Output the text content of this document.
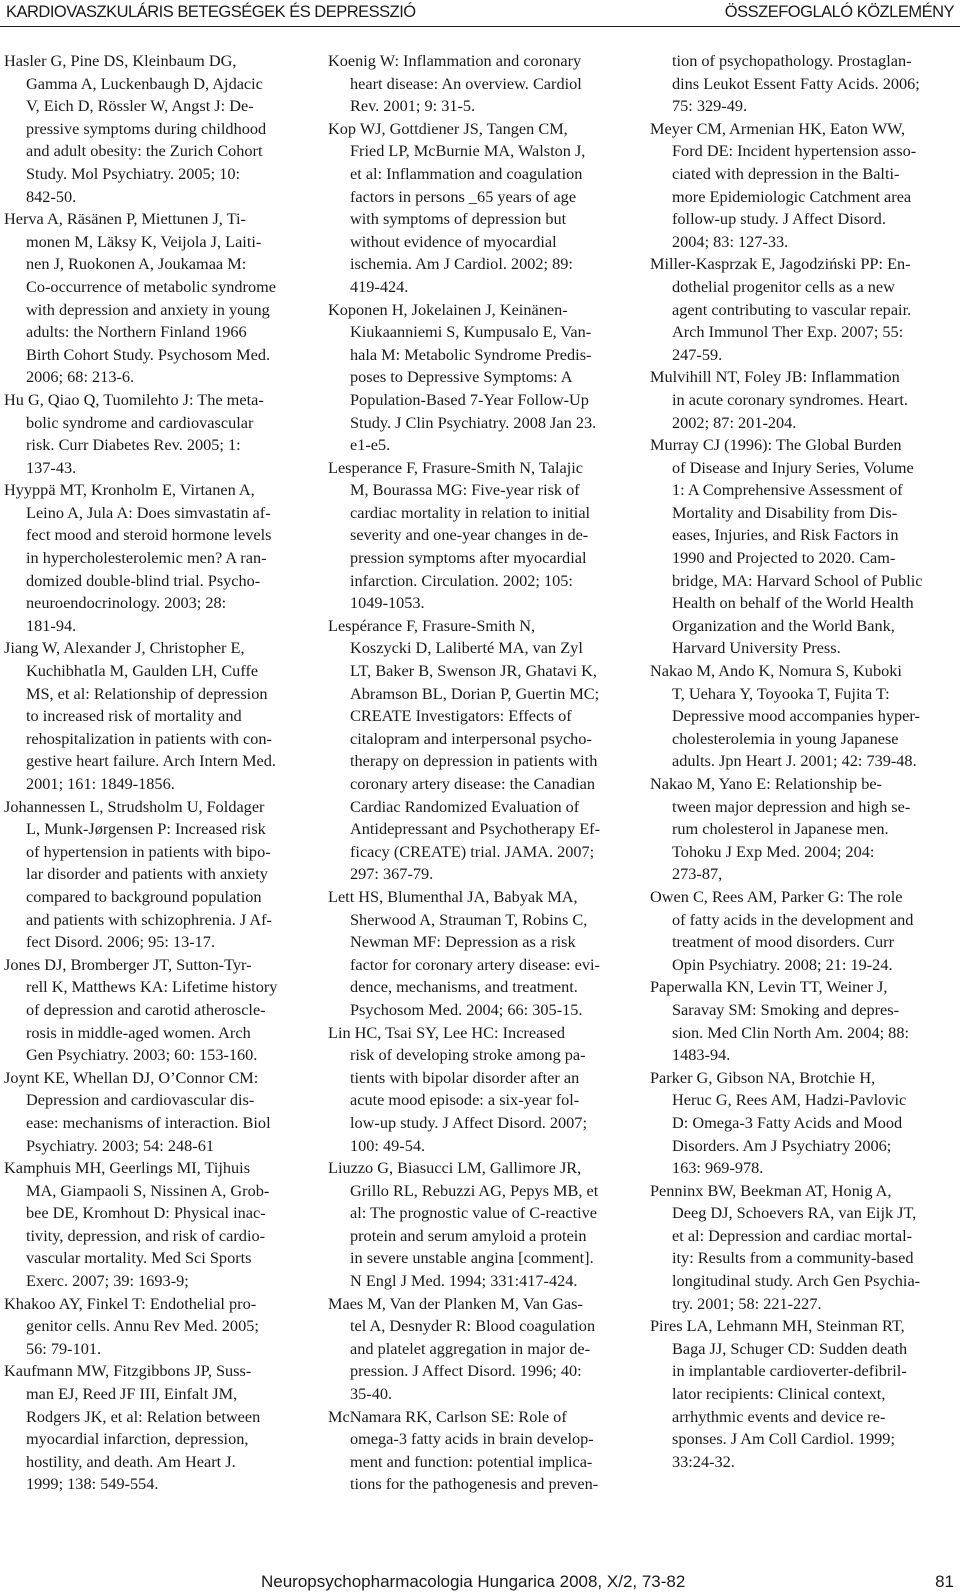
KARDIOVASZKULÁRIS BETEGSÉGEK ÉS DEPRESSZIÓ	ÖSSZEFOGLALÓ KÖZLEMÉNY
Hasler G, Pine DS, Kleinbaum DG,
Gamma A, Luckenbaugh D, Ajdacic
V, Eich D, Rössler W, Angst J: De-
pressive symptoms during childhood
and adult obesity: the Zurich Cohort
Study. Mol Psychiatry. 2005; 10:
842-50.
Herva A, Räsänen P, Miettunen J, Ti-
monen M, Läksy K, Veijola J, Laiti-
nen J, Ruokonen A, Joukamaa M:
Co-occurrence of metabolic syndrome
with depression and anxiety in young
adults: the Northern Finland 1966
Birth Cohort Study. Psychosom Med.
2006; 68: 213-6.
Hu G, Qiao Q, Tuomilehto J: The meta-
bolic syndrome and cardiovascular
risk. Curr Diabetes Rev. 2005; 1:
137-43.
Hyyppä MT, Kronholm E, Virtanen A,
Leino A, Jula A: Does simvastatin af-
fect mood and steroid hormone levels
in hypercholesterolemic men? A ran-
domized double-blind trial. Psycho-
neuroendocrinology. 2003; 28:
181-94.
Jiang W, Alexander J, Christopher E,
Kuchibhatla M, Gaulden LH, Cuffe
MS, et al: Relationship of depression
to increased risk of mortality and
rehospitalization in patients with con-
gestive heart failure. Arch Intern Med.
2001; 161: 1849-1856.
Johannessen L, Strudsholm U, Foldager
L, Munk-Jørgensen P: Increased risk
of hypertension in patients with bipo-
lar disorder and patients with anxiety
compared to background population
and patients with schizophrenia. J Af-
fect Disord. 2006; 95: 13-17.
Jones DJ, Bromberger JT, Sutton-Tyr-
rell K, Matthews KA: Lifetime history
of depression and carotid atheroscle-
rosis in middle-aged women. Arch
Gen Psychiatry. 2003; 60: 153-160.
Joynt KE, Whellan DJ, O’Connor CM:
Depression and cardiovascular dis-
ease: mechanisms of interaction. Biol
Psychiatry. 2003; 54: 248-61
Kamphuis MH, Geerlings MI, Tijhuis
MA, Giampaoli S, Nissinen A, Grob-
bee DE, Kromhout D: Physical inac-
tivity, depression, and risk of cardio-
vascular mortality. Med Sci Sports
Exerc. 2007; 39: 1693-9;
Khakoo AY, Finkel T: Endothelial pro-
genitor cells. Annu Rev Med. 2005;
56: 79-101.
Kaufmann MW, Fitzgibbons JP, Suss-
man EJ, Reed JF III, Einfalt JM,
Rodgers JK, et al: Relation between
myocardial infarction, depression,
hostility, and death. Am Heart J.
1999; 138: 549-554.
Koenig W: Inflammation and coronary
heart disease: An overview. Cardiol
Rev. 2001; 9: 31-5.
Kop WJ, Gottdiener JS, Tangen CM,
Fried LP, McBurnie MA, Walston J,
et al: Inflammation and coagulation
factors in persons _65 years of age
with symptoms of depression but
without evidence of myocardial
ischemia. Am J Cardiol. 2002; 89:
419-424.
Koponen H, Jokelainen J, Keinänen-
Kiukaanniemi S, Kumpusalo E, Van-
hala M: Metabolic Syndrome Predis-
poses to Depressive Symptoms: A
Population-Based 7-Year Follow-Up
Study. J Clin Psychiatry. 2008 Jan 23.
e1-e5.
Lesperance F, Frasure-Smith N, Talajic
M, Bourassa MG: Five-year risk of
cardiac mortality in relation to initial
severity and one-year changes in de-
pression symptoms after myocardial
infarction. Circulation. 2002; 105:
1049-1053.
Lespérance F, Frasure-Smith N,
Koszycki D, Laliberté MA, van Zyl
LT, Baker B, Swenson JR, Ghatavi K,
Abramson BL, Dorian P, Guertin MC;
CREATE Investigators: Effects of
citalopram and interpersonal psycho-
therapy on depression in patients with
coronary artery disease: the Canadian
Cardiac Randomized Evaluation of
Antidepressant and Psychotherapy Ef-
ficacy (CREATE) trial. JAMA. 2007;
297: 367-79.
Lett HS, Blumenthal JA, Babyak MA,
Sherwood A, Strauman T, Robins C,
Newman MF: Depression as a risk
factor for coronary artery disease: evi-
dence, mechanisms, and treatment.
Psychosom Med. 2004; 66: 305-15.
Lin HC, Tsai SY, Lee HC: Increased
risk of developing stroke among pa-
tients with bipolar disorder after an
acute mood episode: a six-year fol-
low-up study. J Affect Disord. 2007;
100: 49-54.
Liuzzo G, Biasucci LM, Gallimore JR,
Grillo RL, Rebuzzi AG, Pepys MB, et
al: The prognostic value of C-reactive
protein and serum amyloid a protein
in severe unstable angina [comment].
N Engl J Med. 1994; 331:417-424.
Maes M, Van der Planken M, Van Gas-
tel A, Desnyder R: Blood coagulation
and platelet aggregation in major de-
pression. J Affect Disord. 1996; 40:
35-40.
McNamara RK, Carlson SE: Role of
omega-3 fatty acids in brain develop-
ment and function: potential implica-
tions for the pathogenesis and preven-
tion of psychopathology. Prostaglan-
dins Leukot Essent Fatty Acids. 2006;
75: 329-49.
Meyer CM, Armenian HK, Eaton WW,
Ford DE: Incident hypertension asso-
ciated with depression in the Balti-
more Epidemiologic Catchment area
follow-up study. J Affect Disord.
2004; 83: 127-33.
Miller-Kasprzak E, Jagodziński PP: En-
dothelial progenitor cells as a new
agent contributing to vascular repair.
Arch Immunol Ther Exp. 2007; 55:
247-59.
Mulvihill NT, Foley JB: Inflammation
in acute coronary syndromes. Heart.
2002; 87: 201-204.
Murray CJ (1996): The Global Burden
of Disease and Injury Series, Volume
1: A Comprehensive Assessment of
Mortality and Disability from Dis-
eases, Injuries, and Risk Factors in
1990 and Projected to 2020. Cam-
bridge, MA: Harvard School of Public
Health on behalf of the World Health
Organization and the World Bank,
Harvard University Press.
Nakao M, Ando K, Nomura S, Kuboki
T, Uehara Y, Toyooka T, Fujita T:
Depressive mood accompanies hyper-
cholesterolemia in young Japanese
adults. Jpn Heart J. 2001; 42: 739-48.
Nakao M, Yano E: Relationship be-
tween major depression and high se-
rum cholesterol in Japanese men.
Tohoku J Exp Med. 2004; 204:
273-87,
Owen C, Rees AM, Parker G: The role
of fatty acids in the development and
treatment of mood disorders. Curr
Opin Psychiatry. 2008; 21: 19-24.
Paperwalla KN, Levin TT, Weiner J,
Saravay SM: Smoking and depres-
sion. Med Clin North Am. 2004; 88:
1483-94.
Parker G, Gibson NA, Brotchie H,
Heruc G, Rees AM, Hadzi-Pavlovic
D: Omega-3 Fatty Acids and Mood
Disorders. Am J Psychiatry 2006;
163: 969-978.
Penninx BW, Beekman AT, Honig A,
Deeg DJ, Schoevers RA, van Eijk JT,
et al: Depression and cardiac mortal-
ity: Results from a community-based
longitudinal study. Arch Gen Psychia-
try. 2001; 58: 221-227.
Pires LA, Lehmann MH, Steinman RT,
Baga JJ, Schuger CD: Sudden death
in implantable cardioverter-defibril-
lator recipients: Clinical context,
arrhythmic events and device re-
sponses. J Am Coll Cardiol. 1999;
33:24-32.
Neuropsychopharmacologia Hungarica 2008, X/2, 73-82	81
